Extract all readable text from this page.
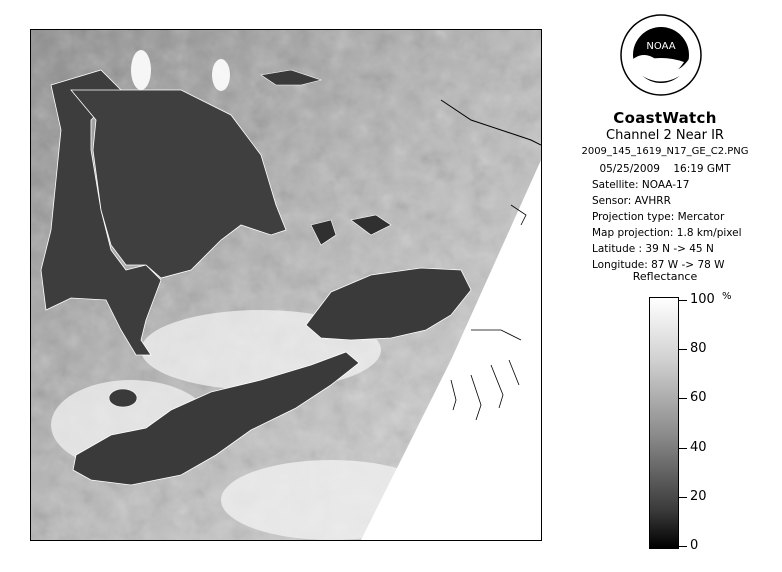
NOAA
CoastWatch
Channel 2 Near IR
2009_145_1619_N17_GE_C2.PNG
05/25/2009 16:19 GMT
Satellite: NOAA-17
Sensor: AVHRR
Projection type: Mercator
Map projection: 1.8 km/pixel
Latitude : 39 N -> 45 N
Longitude: 87 W -> 78 W
Reflectance
%
100
80
60
40
20
0
